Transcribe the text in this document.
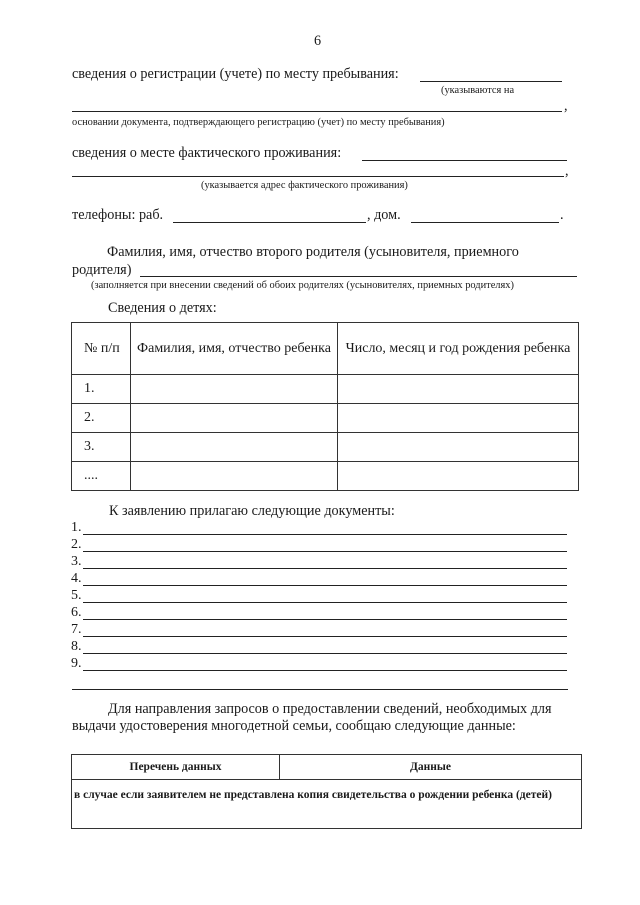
6
сведения о регистрации (учете) по месту пребывания:
(указываются на
,
основании документа, подтверждающего регистрацию (учет) по месту пребывания)
сведения о месте фактического проживания:
,
(указывается адрес фактического проживания)
телефоны: раб.	, дом.	.
Фамилия, имя, отчество второго родителя (усыновителя, приемного
родителя)
(заполняется при внесении сведений об обоих родителях (усыновителях, приемных родителях)
Сведения о детях:
№ п/п	Фамилия, имя, отчество ребенка	Число, месяц и год рождения ребенка
1.		
2.		
3.		
....		
К заявлению прилагаю следующие документы:
1.
2.
3.
4.
5.
6.
7.
8.
9.
Для направления запросов о предоставлении сведений, необходимых для
выдачи удостоверения многодетной семьи, сообщаю следующие данные:
Перечень данных	Данные
в случае если заявителем не представлена копия свидетельства о рождении ребенка (детей)
